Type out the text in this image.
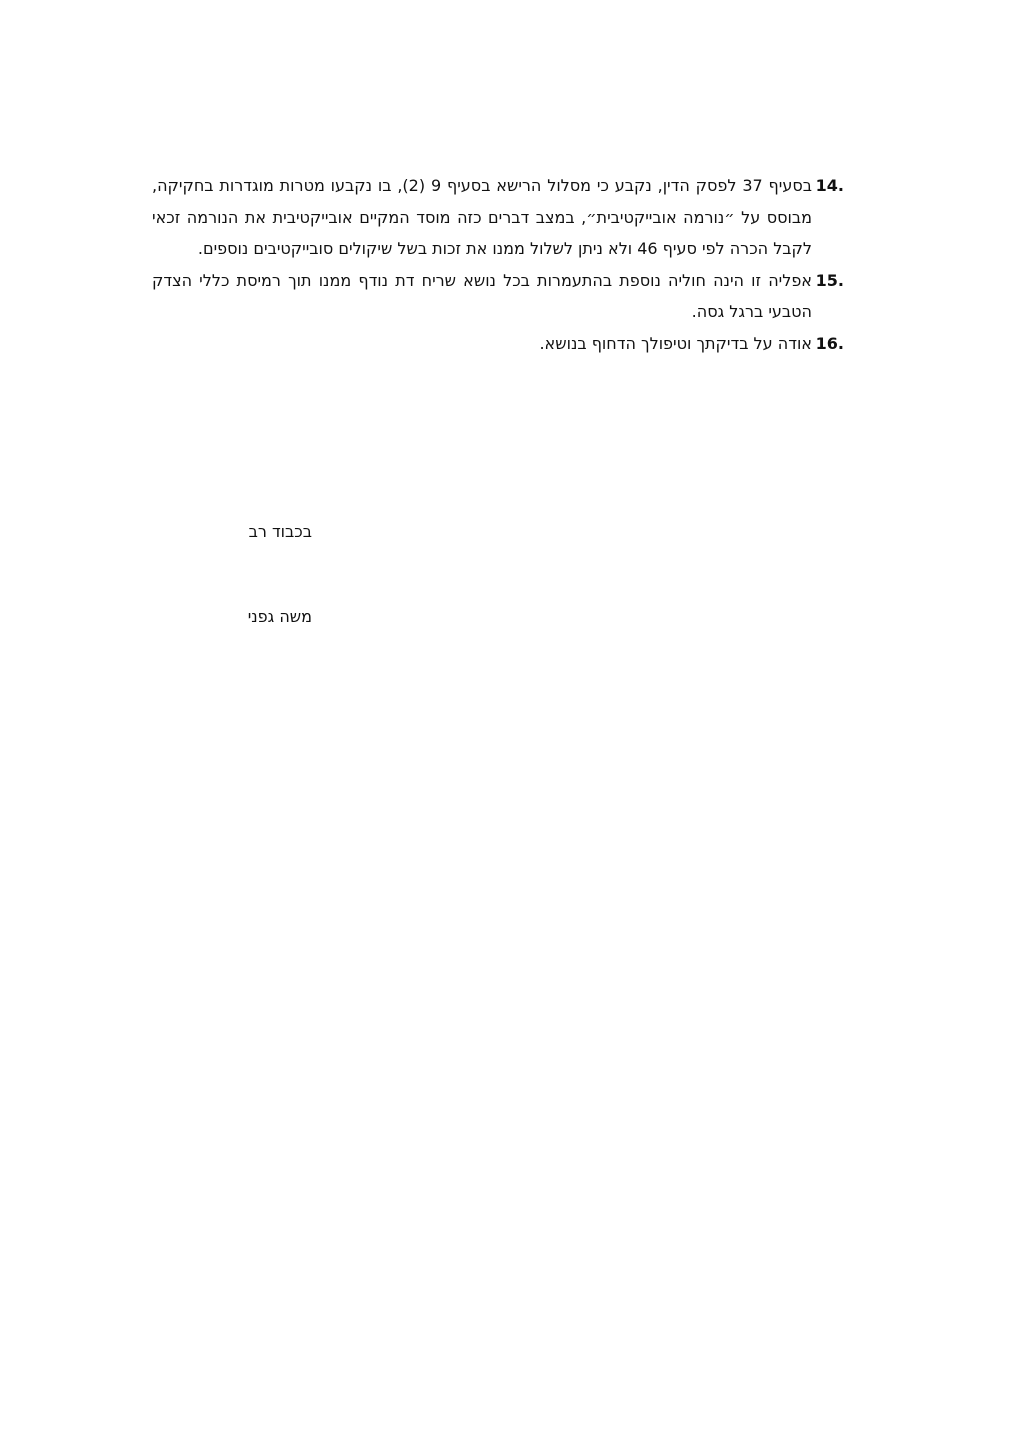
14.
בסעיף 37 לפסק הדין, נקבע כי מסלול הרישא בסעיף 9 (2), בו נקבעו מטרות מוגדרות בחקיקה, מבוסס על ״נורמה אובייקטיבית״, במצב דברים כזה מוסד המקיים אובייקטיבית את הנורמה זכאי לקבל הכרה לפי סעיף 46 ולא ניתן לשלול ממנו את זכות בשל שיקולים סובייקטיבים נוספים.
15.
אפליה זו הינה חוליה נוספת בהתעמרות בכל נושא שריח דת נודף ממנו תוך רמיסת כללי הצדק הטבעי ברגל גסה.
16.
אודה על בדיקתך וטיפולך הדחוף בנושא.
בכבוד רב
משה גפני
